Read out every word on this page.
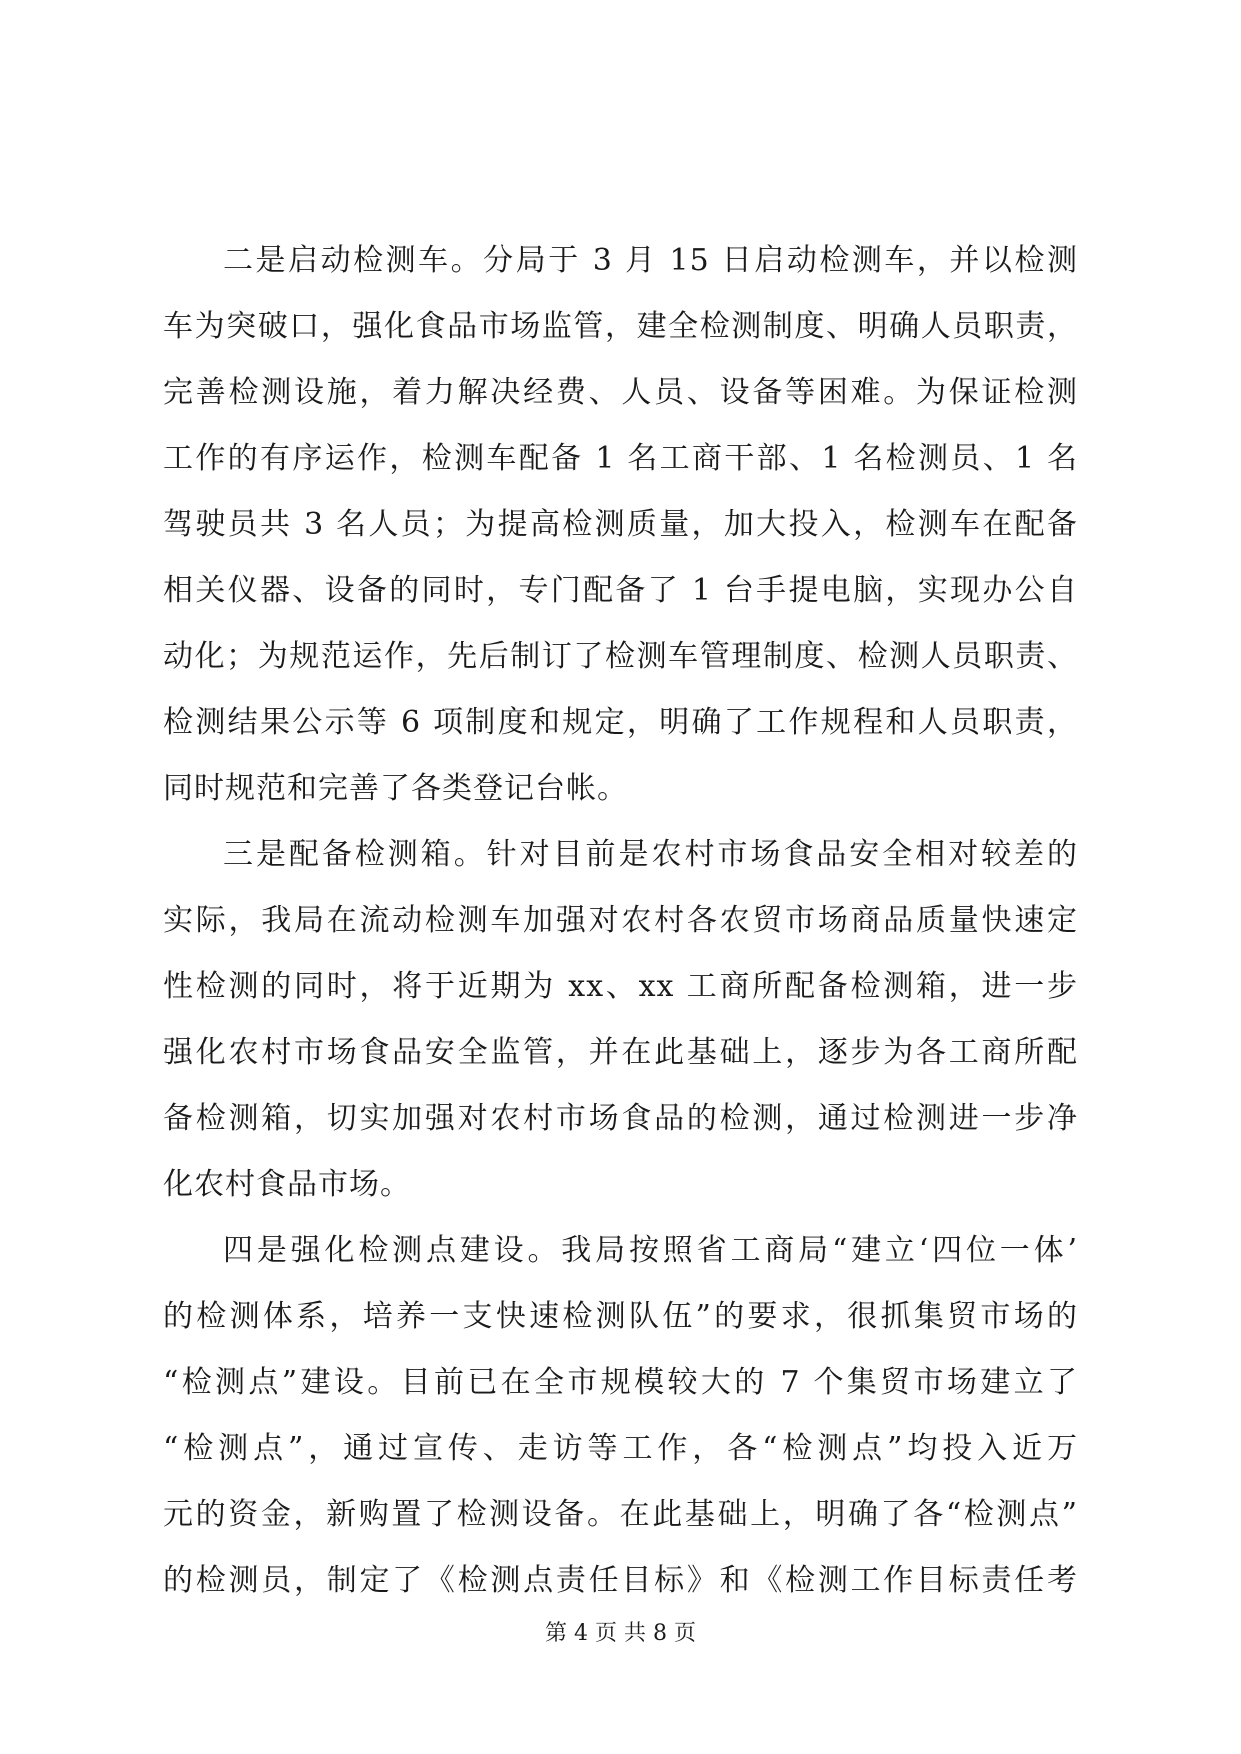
二是启动检测车。分局于 3 月 15 日启动检测车，并以检测
车为突破口，强化食品市场监管，建全检测制度、明确人员职责，
完善检测设施，着力解决经费、人员、设备等困难。为保证检测
工作的有序运作，检测车配备 1 名工商干部、1 名检测员、1 名
驾驶员共 3 名人员；为提高检测质量，加大投入，检测车在配备
相关仪器、设备的同时，专门配备了 1 台手提电脑，实现办公自
动化；为规范运作，先后制订了检测车管理制度、检测人员职责、
检测结果公示等 6 项制度和规定，明确了工作规程和人员职责，
同时规范和完善了各类登记台帐。
三是配备检测箱。针对目前是农村市场食品安全相对较差的
实际，我局在流动检测车加强对农村各农贸市场商品质量快速定
性检测的同时，将于近期为 xx、xx 工商所配备检测箱，进一步
强化农村市场食品安全监管，并在此基础上，逐步为各工商所配
备检测箱，切实加强对农村市场食品的检测，通过检测进一步净
化农村食品市场。
四是强化检测点建设。我局按照省工商局“建立‘四位一体’
的检测体系，培养一支快速检测队伍”的要求，很抓集贸市场的
“检测点”建设。目前已在全市规模较大的 7 个集贸市场建立了
“检测点”，通过宣传、走访等工作，各“检测点”均投入近万
元的资金，新购置了检测设备。在此基础上，明确了各“检测点”
的检测员，制定了《检测点责任目标》和《检测工作目标责任考
第 4 页 共 8 页
